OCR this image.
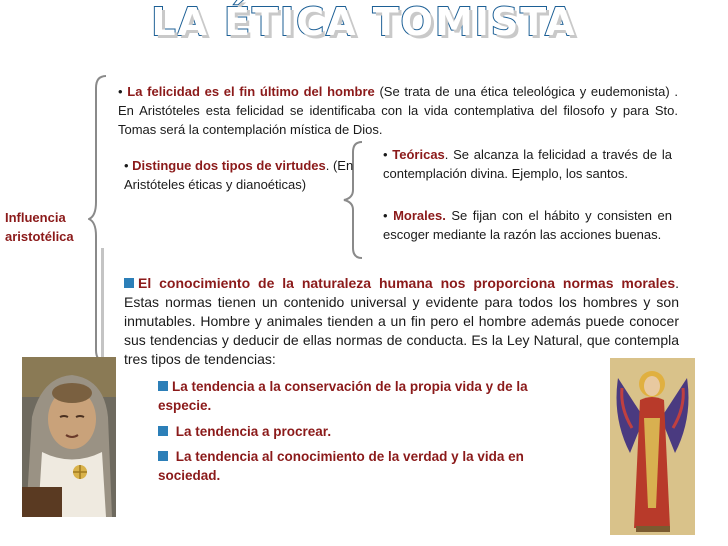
LA ÉTICA TOMISTA
Influencia aristotélica
• La felicidad es el fin último del hombre (Se trata de una ética teleológica y eudemonista) . En Aristóteles esta felicidad se identificaba con la vida contemplativa del filosofo y para Sto. Tomas será la contemplación mística de Dios.
• Distingue dos tipos de virtudes. (En Aristóteles éticas y dianoéticas)
• Teóricas. Se alcanza la felicidad a través de la contemplación divina. Ejemplo, los santos.
• Morales. Se fijan con el hábito y consisten en escoger mediante la razón las acciones buenas.
El conocimiento de la naturaleza humana nos proporciona normas morales. Estas normas tienen un contenido universal y evidente para todos los hombres y son inmutables. Hombre y animales tienden a un fin pero el hombre además puede conocer sus tendencias y deducir de ellas normas de conducta. Es la Ley Natural, que contempla tres tipos de tendencias:
La tendencia a la conservación de la propia vida y de la especie.
La tendencia a procrear.
La tendencia al conocimiento de la verdad y la vida en sociedad.
